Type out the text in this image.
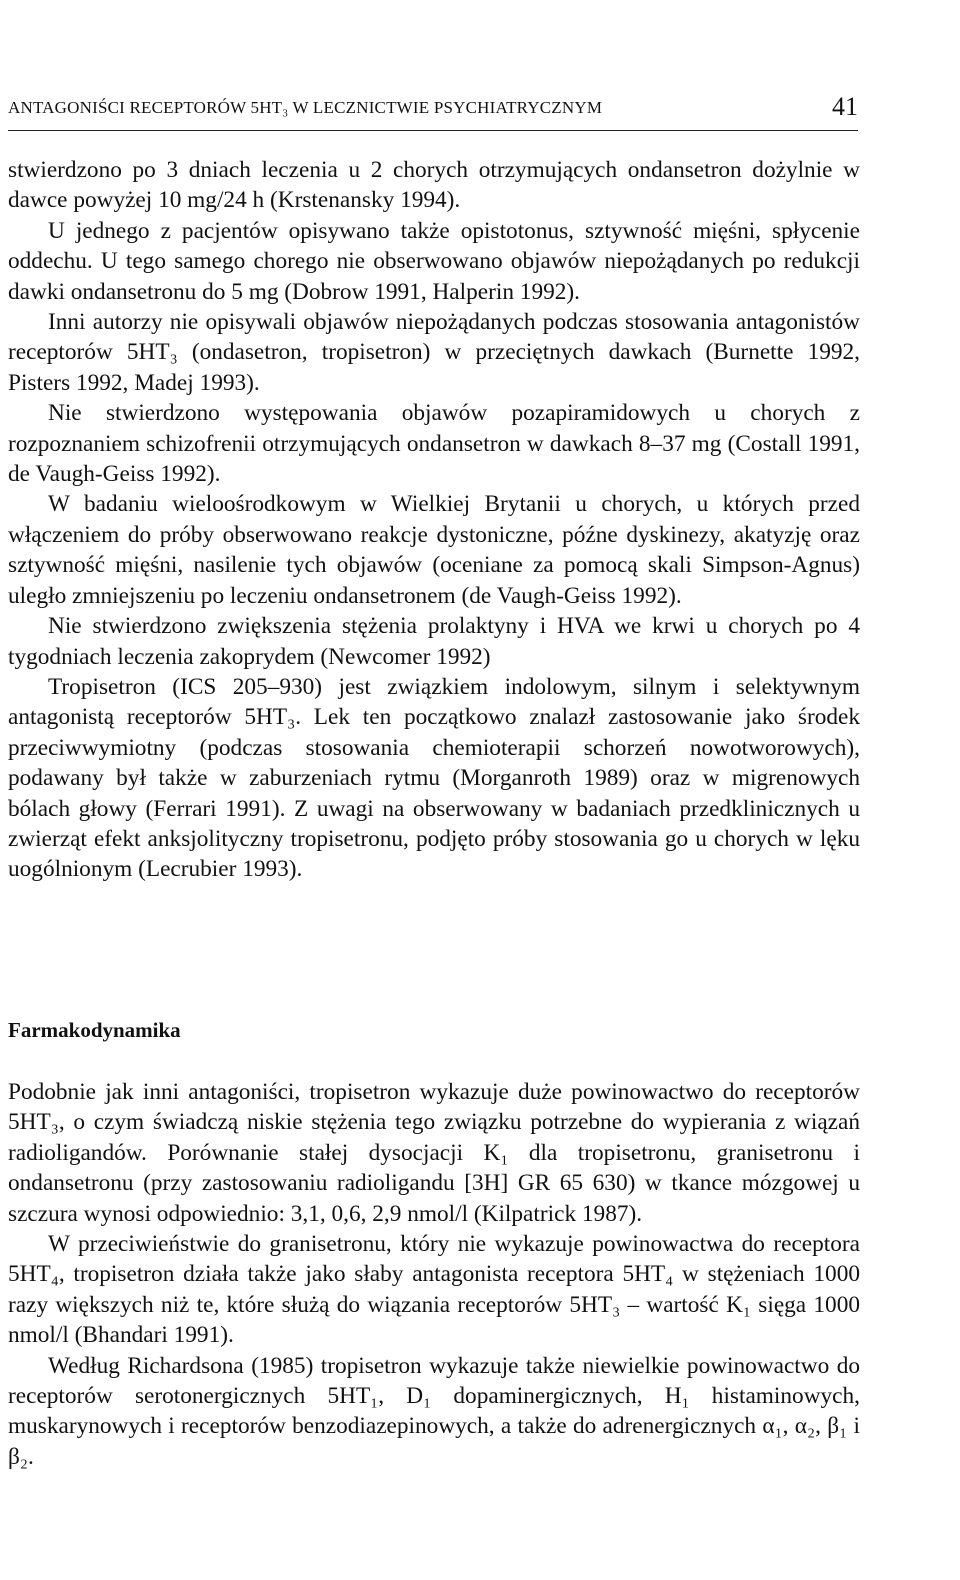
ANTAGONIŚCI RECEPTORÓW 5HT₃ W LECZNICTWIE PSYCHIATRYCZNYM	41

stwierdzono po 3 dniach leczenia u 2 chorych otrzymujących ondansetron dożylnie w dawce powyżej 10 mg/24 h (Krstenansky 1994).

U jednego z pacjentów opisywano także opistotonus, sztywność mięśni, spłycenie oddechu. U tego samego chorego nie obserwowano objawów niepożądanych po redukcji dawki ondansetronu do 5 mg (Dobrow 1991, Halperin 1992).

Inni autorzy nie opisywali objawów niepożądanych podczas stosowania antagonistów receptorów 5HT₃ (ondasetron, tropisetron) w przeciętnych dawkach (Burnette 1992, Pisters 1992, Madej 1993).

Nie stwierdzono występowania objawów pozapiramidowych u chorych z rozpoznaniem schizofrenii otrzymujących ondansetron w dawkach 8–37 mg (Costall 1991, de Vaugh-Geiss 1992).

W badaniu wieloośrodkowym w Wielkiej Brytanii u chorych, u których przed włączeniem do próby obserwowano reakcje dystoniczne, późne dyskinezy, akatyzję oraz sztywność mięśni, nasilenie tych objawów (oceniane za pomocą skali Simpson-Agnus) uległo zmniejszeniu po leczeniu ondansetronem (de Vaugh-Geiss 1992).

Nie stwierdzono zwiększenia stężenia prolaktyny i HVA we krwi u chorych po 4 tygodniach leczenia zakoprydem (Newcomer 1992)

Tropisetron (ICS 205–930) jest związkiem indolowym, silnym i selektywnym antagonistą receptorów 5HT₃. Lek ten początkowo znalazł zastosowanie jako środek przeciwwymiotny (podczas stosowania chemioterapii schorzeń nowotworowych), podawany był także w zaburzeniach rytmu (Morganroth 1989) oraz w migrenowych bólach głowy (Ferrari 1991). Z uwagi na obserwowany w badaniach przedklinicznych u zwierząt efekt anksjolityczny tropisetronu, podjęto próby stosowania go u chorych w lęku uogólnionym (Lecrubier 1993).

Farmakodynamika

Podobnie jak inni antagoniści, tropisetron wykazuje duże powinowactwo do receptorów 5HT₃, o czym świadczą niskie stężenia tego związku potrzebne do wypierania z wiązań radioligandów. Porównanie stałej dysocjacji K₁ dla tropisetronu, granisetronu i ondansetronu (przy zastosowaniu radioligandu [3H] GR 65 630) w tkance mózgowej u szczura wynosi odpowiednio: 3,1, 0,6, 2,9 nmol/l (Kilpatrick 1987).

W przeciwieństwie do granisetronu, który nie wykazuje powinowactwa do receptora 5HT₄, tropisetron działa także jako słaby antagonista receptora 5HT₄ w stężeniach 1000 razy większych niż te, które służą do wiązania receptorów 5HT₃ – wartość K₁ sięga 1000 nmol/l (Bhandari 1991).

Według Richardsona (1985) tropisetron wykazuje także niewielkie powinowactwo do receptorów serotonergicznych 5HT₁, D₁ dopaminergicznych, H₁ histaminowych, muskarynowych i receptorów benzodiazepinowych, a także do adrenergicznych α₁, α₂, β₁ i β₂.
